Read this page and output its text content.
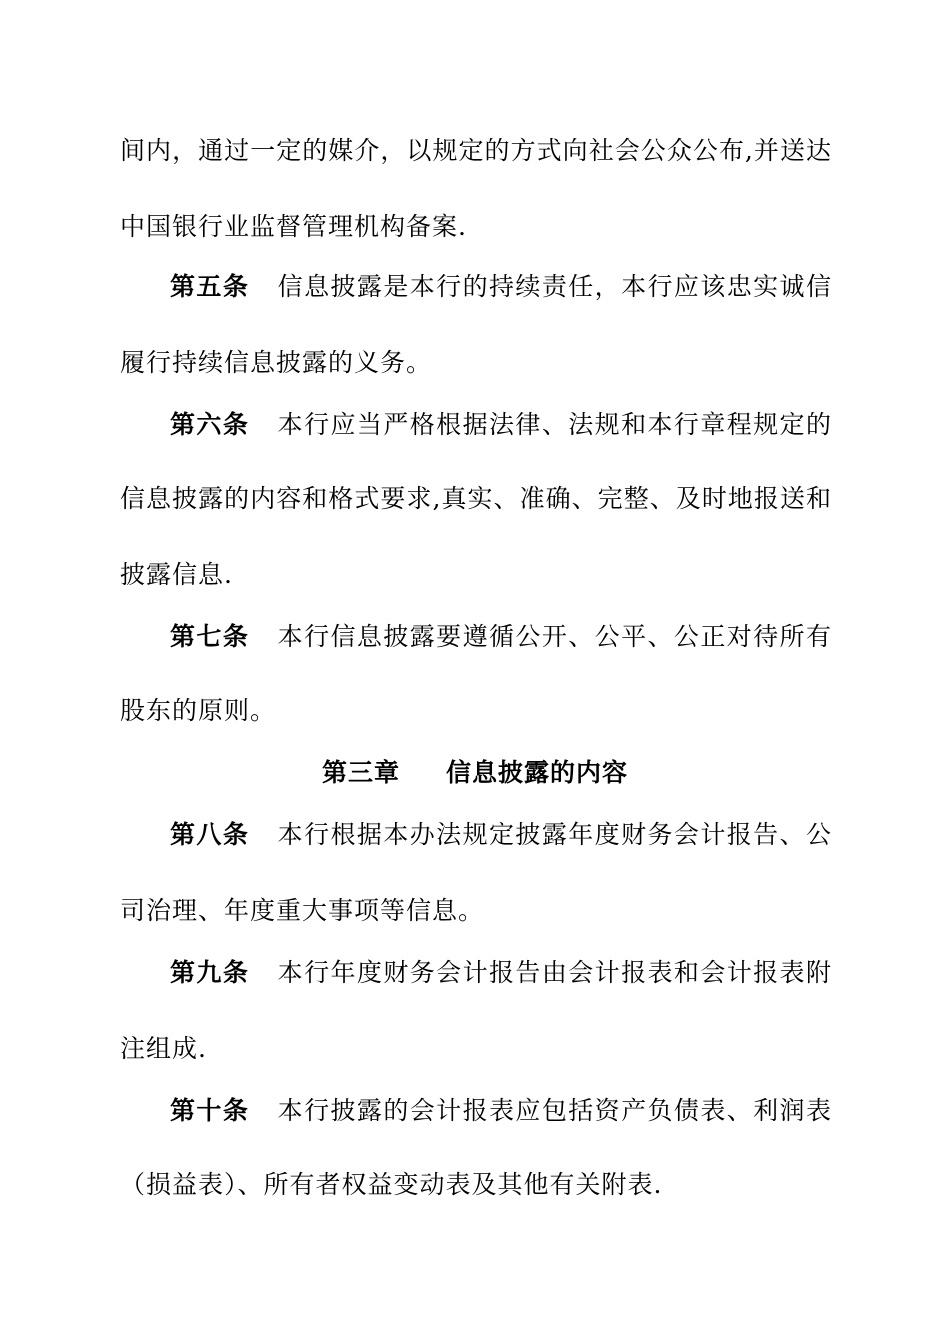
间内，通过一定的媒介，以规定的方式向社会公众公布,并送达
中国银行业监督管理机构备案.
第五条 信息披露是本行的持续责任，本行应该忠实诚信
履行持续信息披露的义务。
第六条 本行应当严格根据法律、法规和本行章程规定的
信息披露的内容和格式要求,真实、准确、完整、及时地报送和
披露信息.
第七条 本行信息披露要遵循公开、公平、公正对待所有
股东的原则。
第三章 信息披露的内容
第八条 本行根据本办法规定披露年度财务会计报告、公
司治理、年度重大事项等信息。
第九条 本行年度财务会计报告由会计报表和会计报表附
注组成.
第十条 本行披露的会计报表应包括资产负债表、利润表
（损益表）、所有者权益变动表及其他有关附表.
